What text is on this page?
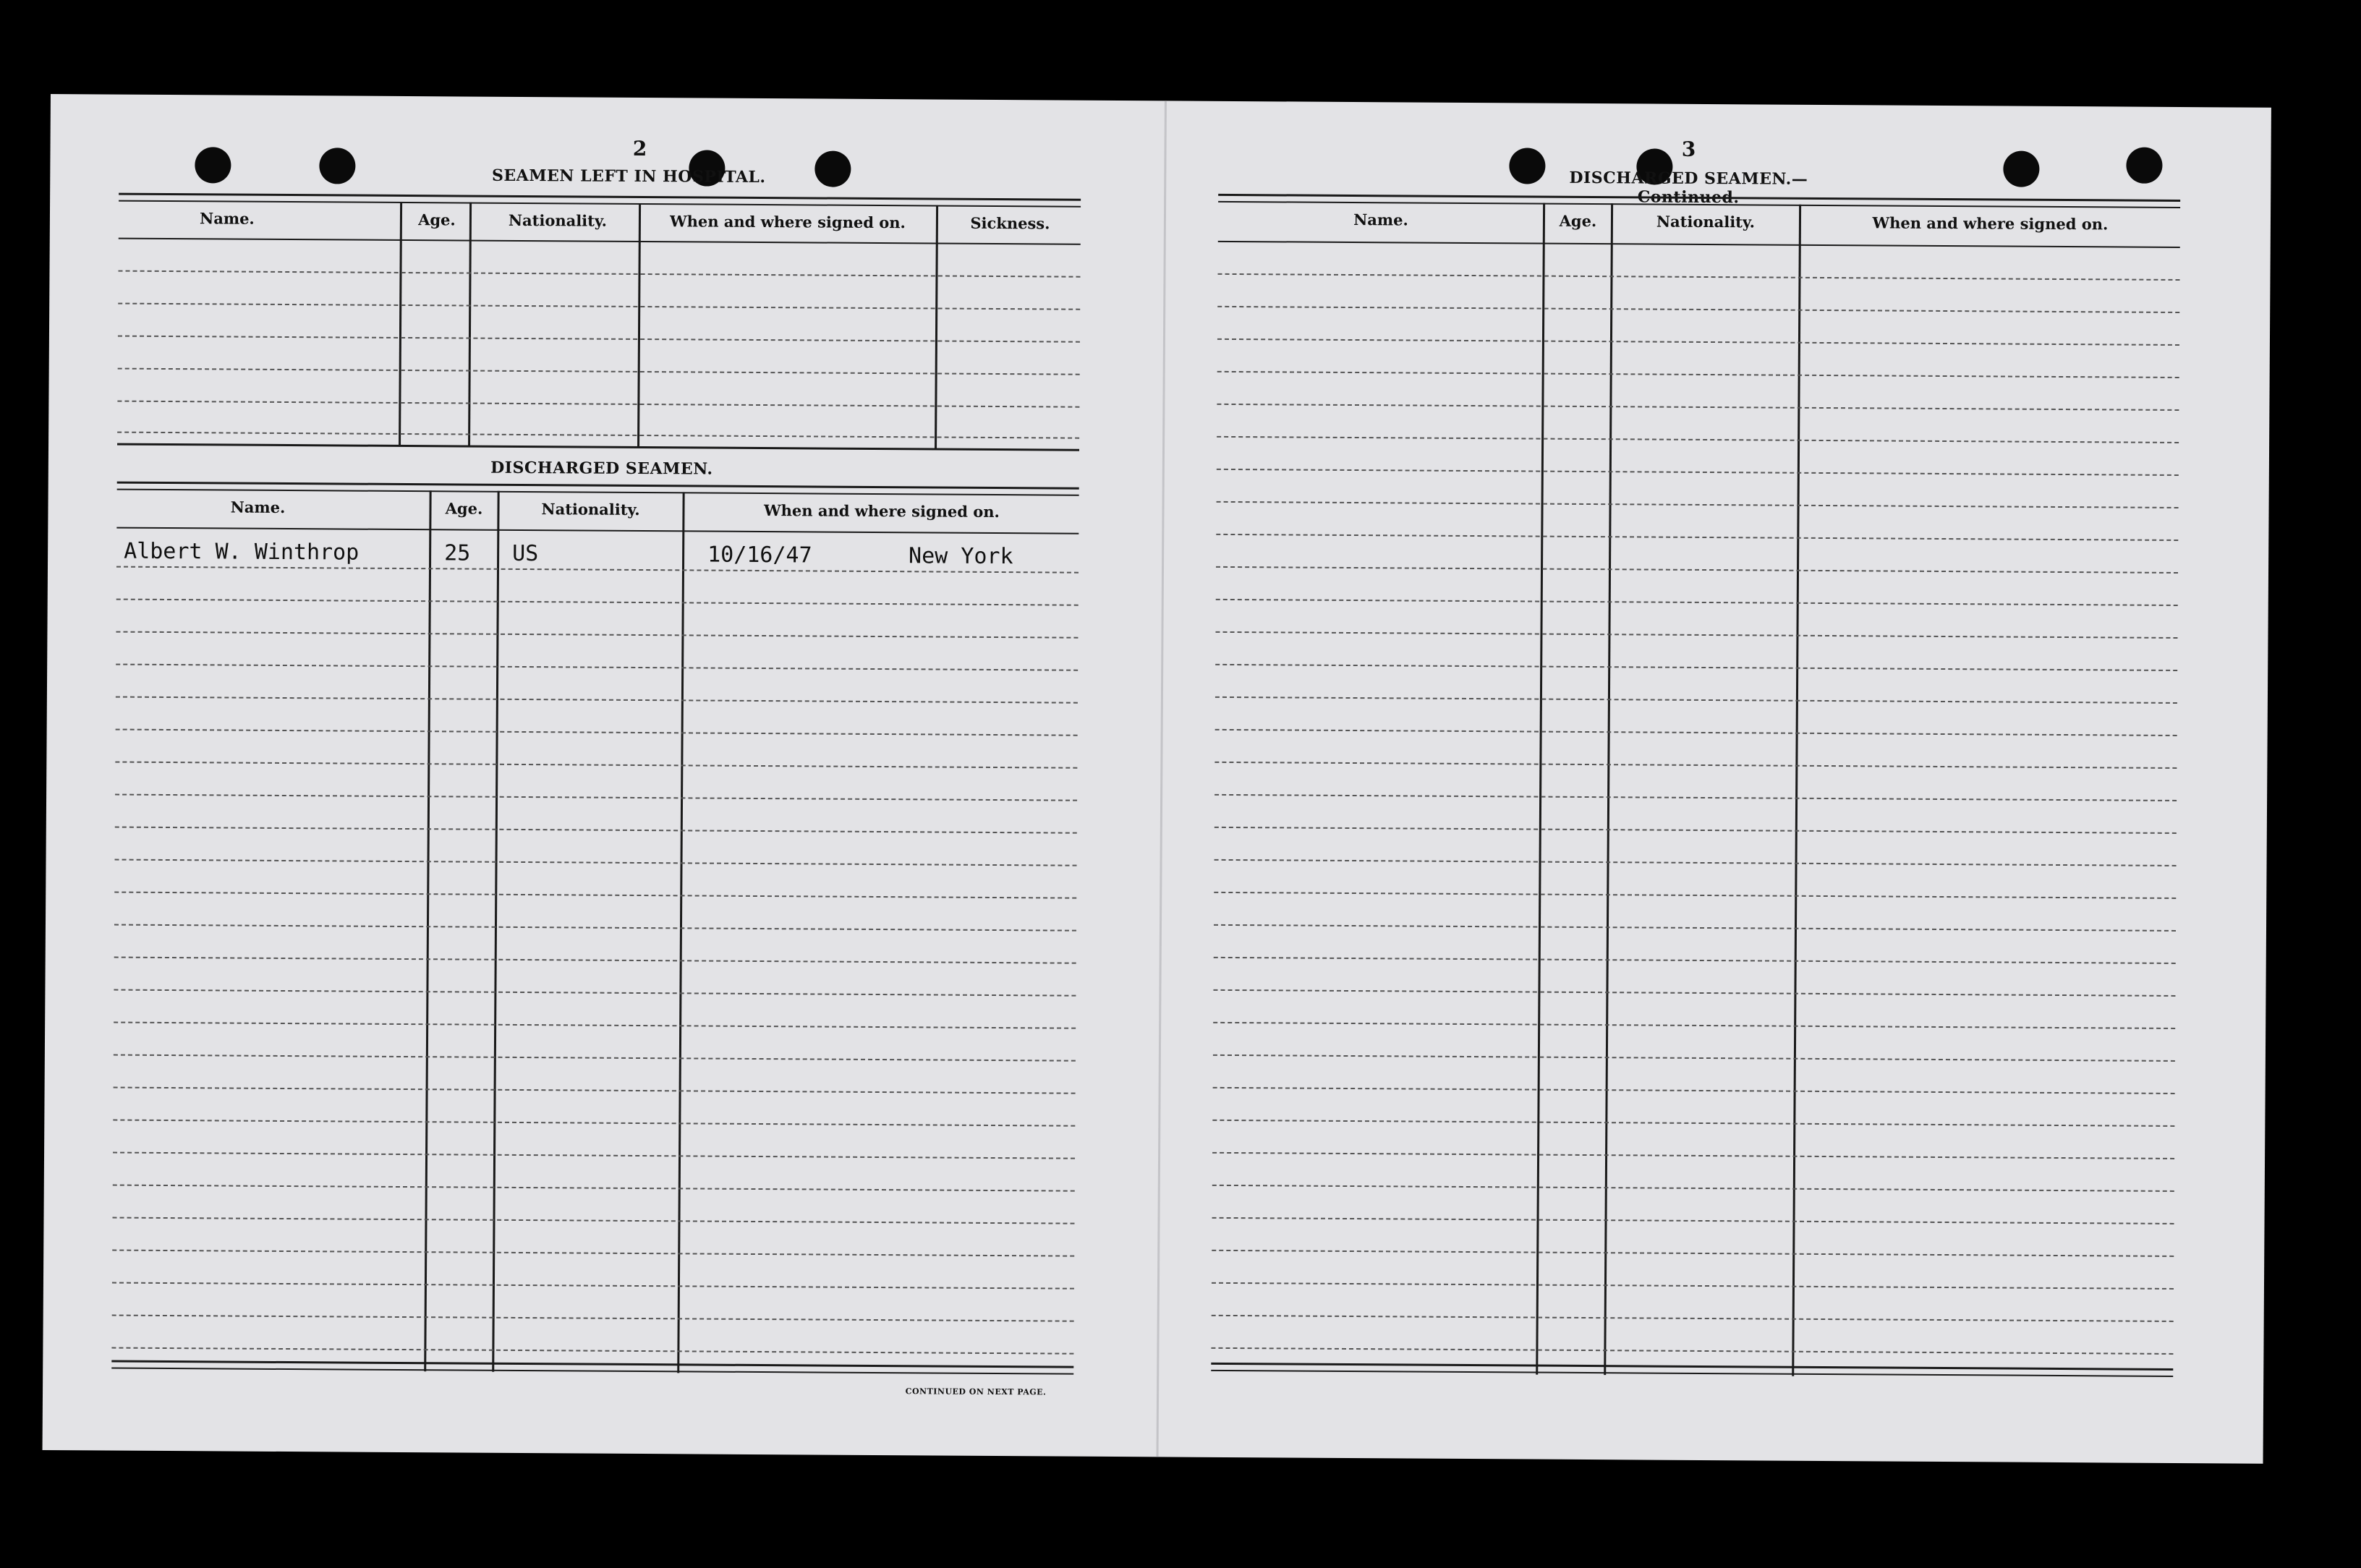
2
SEAMEN LEFT IN HOSPITAL.
Name.	Age.	Nationality.	When and where signed on.	Sickness.
DISCHARGED SEAMEN.
Name.	Age.	Nationality.	When and where signed on.
Albert W. Winthrop	25 US	10/16/47	New York
CONTINUED ON NEXT PAGE.
3
DISCHARGED SEAMEN.—Continued.
Name.	Age.	Nationality.	When and where signed on.
